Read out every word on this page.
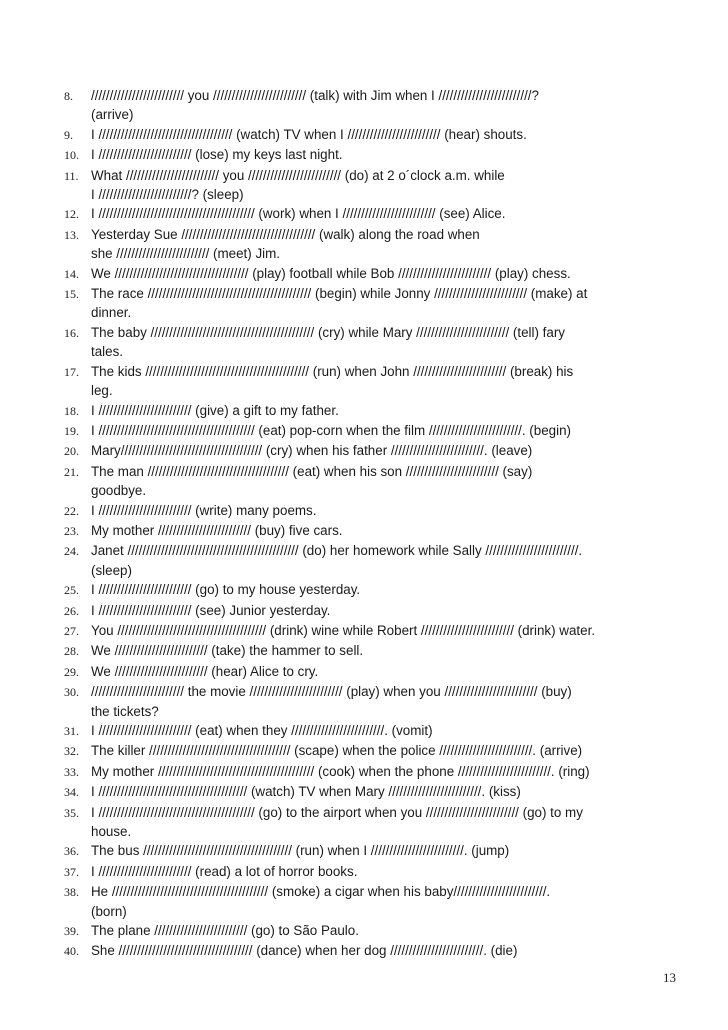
8.	///////////////////////// you ///////////////////////// (talk) with Jim when I /////////////////////////?
(arrive)
9.	I //////////////////////////////////// (watch) TV when I ///////////////////////// (hear) shouts.
10. I ///////////////////////// (lose) my keys last night.
11. What ///////////////////////// you ///////////////////////// (do) at 2 o´clock a.m. while
I /////////////////////////? (sleep)
12. I ////////////////////////////////////////// (work) when I ///////////////////////// (see) Alice.
13. Yesterday Sue //////////////////////////////////// (walk) along the road when
she ///////////////////////// (meet) Jim.
14. We //////////////////////////////////// (play) football while Bob ///////////////////////// (play) chess.
15. The race //////////////////////////////////////////// (begin) while Jonny ///////////////////////// (make) at
dinner.
16. The baby //////////////////////////////////////////// (cry) while Mary ///////////////////////// (tell) fary
tales.
17. The kids //////////////////////////////////////////// (run) when John ///////////////////////// (break) his
leg.
18. I ///////////////////////// (give) a gift to my father.
19. I ////////////////////////////////////////// (eat) pop-corn when the film /////////////////////////. (begin)
20. Mary////////////////////////////////////// (cry) when his father /////////////////////////. (leave)
21. The man ////////////////////////////////////// (eat) when his son ///////////////////////// (say)
goodbye.
22. I ///////////////////////// (write) many poems.
23. My mother ///////////////////////// (buy) five cars.
24. Janet ////////////////////////////////////////////// (do) her homework while Sally /////////////////////////.
(sleep)
25. I ///////////////////////// (go) to my house yesterday.
26. I ///////////////////////// (see) Junior yesterday.
27. You //////////////////////////////////////// (drink) wine while Robert ///////////////////////// (drink) water.
28. We ///////////////////////// (take) the hammer to sell.
29. We ///////////////////////// (hear) Alice to cry.
30. ///////////////////////// the movie ///////////////////////// (play) when you ///////////////////////// (buy)
the tickets?
31. I ///////////////////////// (eat) when they /////////////////////////. (vomit)
32. The killer ////////////////////////////////////// (scape) when the police /////////////////////////. (arrive)
33. My mother ////////////////////////////////////////// (cook) when the phone /////////////////////////. (ring)
34. I //////////////////////////////////////// (watch) TV when Mary /////////////////////////. (kiss)
35. I ////////////////////////////////////////// (go) to the airport when you ///////////////////////// (go) to my
house.
36. The bus //////////////////////////////////////// (run) when I /////////////////////////. (jump)
37. I ///////////////////////// (read) a lot of horror books.
38. He ////////////////////////////////////////// (smoke) a cigar when his baby/////////////////////////.
(born)
39. The plane ///////////////////////// (go) to São Paulo.
40. She //////////////////////////////////// (dance) when her dog /////////////////////////. (die)
13
